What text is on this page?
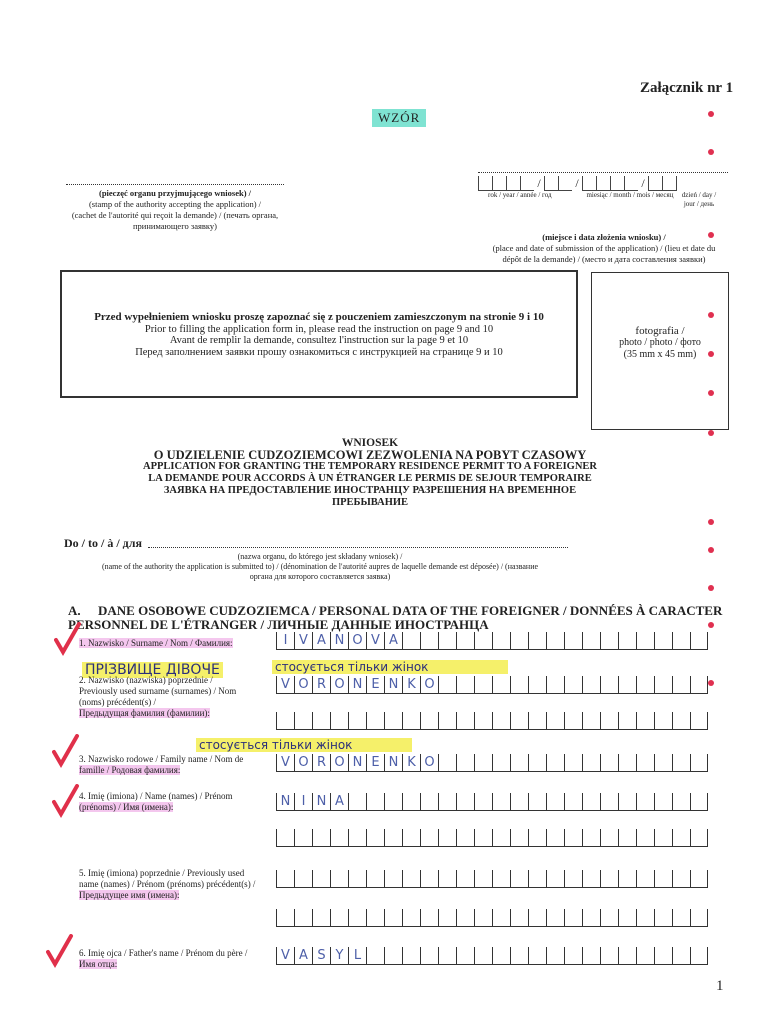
Załącznik nr 1
WZÓR
(pieczęć organu przyjmującego wniosek) /
(stamp of the authority accepting the application) /
(cachet de l'autorité qui reçoit la demande) / (печать органа,
принимающего заявку)
/	/	/
rok / year / année / год	miesiąc / month / mois / месяц	dzień / day / jour / день
(miejsce i data złożenia wniosku) /
(place and date of submission of the application) / (lieu et date du
dépôt de la demande) / (место и дата составления заявки)
Przed wypełnieniem wniosku proszę zapoznać się z pouczeniem zamieszczonym na stronie 9 i 10
Prior to filling the application form in, please read the instruction on page 9 and 10
Avant de remplir la demande, consultez l'instruction sur la page 9 et 10
Перед заполнением заявки прошу ознакомиться с инструкцией на странице 9 и 10
fotografia /
photo / photo / фото
(35 mm x 45 mm)
WNIOSEK
O UDZIELENIE CUDZOZIEMCOWI ZEZWOLENIA NA POBYT CZASOWY
APPLICATION FOR GRANTING THE TEMPORARY RESIDENCE PERMIT TO A FOREIGNER
LA DEMANDE POUR ACCORDS À UN ÉTRANGER LE PERMIS DE SEJOUR TEMPORAIRE
ЗАЯВКА НА ПРЕДОСТАВЛЕНИЕ ИНОСТРАНЦУ РАЗРЕШЕНИЯ НА ВРЕМЕННОЕ
ПРЕБЫВАНИЕ
Do / to / à / для
(nazwa organu, do którego jest składany wniosek) /
(name of the authority the application is submitted to) / (dénomination de l'autorité aupres de laquelle demande est déposée) / (название
органа для которого составляется заявка)
A. DANE OSOBOWE CUDZOZIEMCA / PERSONAL DATA OF THE FOREIGNER / DONNÉES À CARACTER
PERSONNEL DE L'ÉTRANGER / ЛИЧНЫЕ ДАННЫЕ ИНОСТРАНЦА
1. Nazwisko / Surname / Nom / Фамилия:	I V A N O V A
ПРІЗВИЩЕ ДІВОЧЕ	стосується тільки жінок
2. Nazwisko (nazwiska) poprzednie /
Previously used surname (surnames) / Nom
(noms) précédent(s) /
Предыдущая фамилия (фамилии):
V O R O N E N K O
стосується тільки жінок
3. Nazwisko rodowe / Family name / Nom de
famille / Родовая фамилия:	V O R O N E N K O
4. Imię (imiona) / Name (names) / Prénom
(prénoms) / Имя (имена):	N I N A
5. Imię (imiona) poprzednie / Previously used
name (names) / Prénom (prénoms) précédent(s) /
Предыдущее имя (имена):
6. Imię ojca / Father's name / Prénom du père /
Имя отца:
V A S Y L
1
